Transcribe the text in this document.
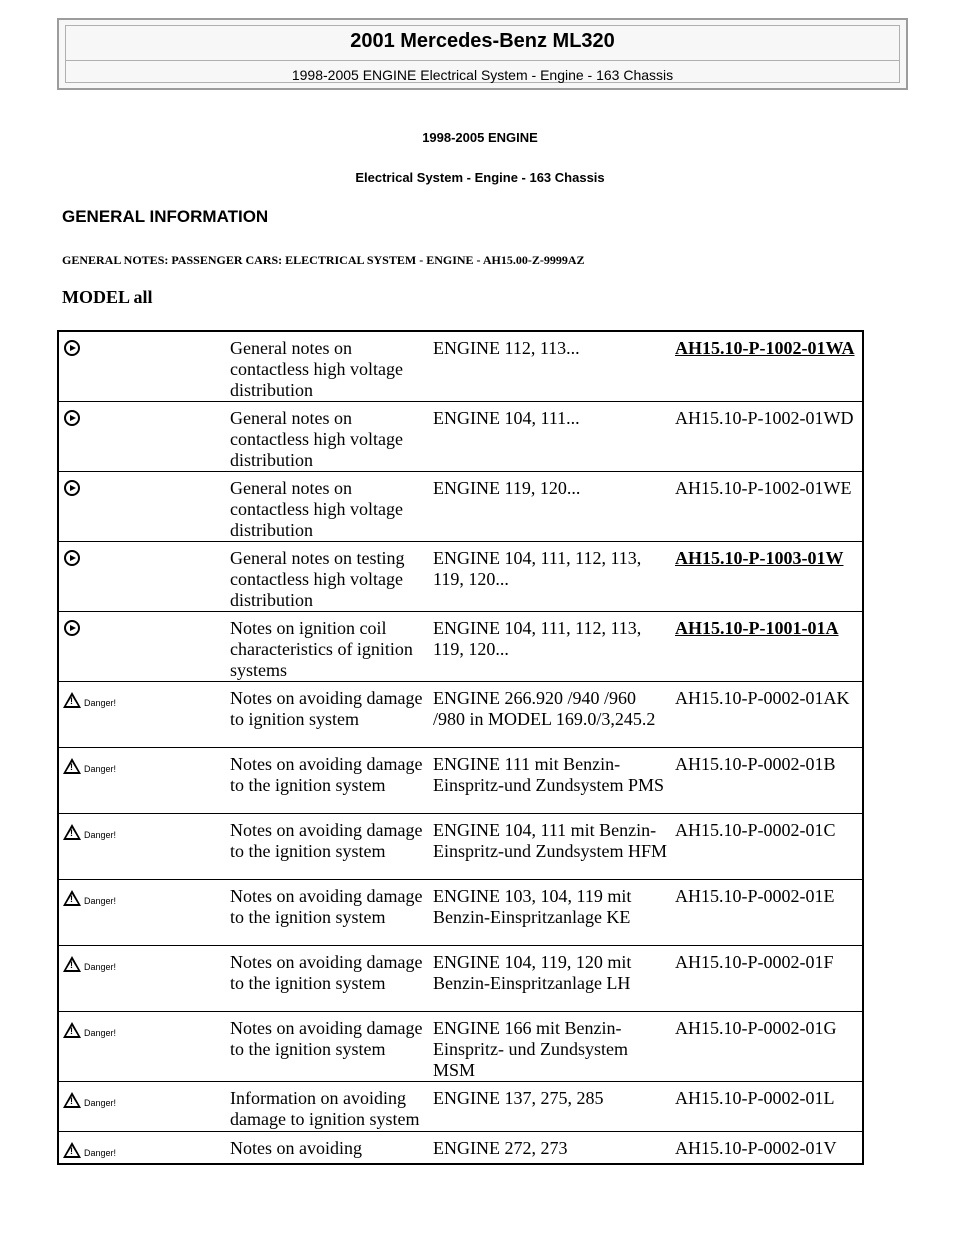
2001 Mercedes-Benz ML320
1998-2005 ENGINE Electrical System - Engine - 163 Chassis
1998-2005 ENGINE
Electrical System - Engine - 163 Chassis
GENERAL INFORMATION
GENERAL NOTES: PASSENGER CARS: ELECTRICAL SYSTEM - ENGINE - AH15.00-Z-9999AZ
MODEL all
	General notes on contactless high voltage distribution	ENGINE 112, 113...	AH15.10-P-1002-01WA
	General notes on contactless high voltage distribution	ENGINE 104, 111...	AH15.10-P-1002-01WD
	General notes on contactless high voltage distribution	ENGINE 119, 120...	AH15.10-P-1002-01WE
	General notes on testing contactless high voltage distribution	ENGINE 104, 111, 112, 113, 119, 120...	AH15.10-P-1003-01W
	Notes on ignition coil characteristics of ignition systems	ENGINE 104, 111, 112, 113, 119, 120...	AH15.10-P-1001-01A

!
Danger!	Notes on avoiding damage to ignition system	ENGINE 266.920 /940 /960 /980 in MODEL 169.0/3,245.2	AH15.10-P-0002-01AK

!
Danger!	Notes on avoiding damage to the ignition system	ENGINE 111 mit Benzin-Einspritz-und Zundsystem PMS	AH15.10-P-0002-01B

!
Danger!	Notes on avoiding damage to the ignition system	ENGINE 104, 111 mit Benzin-Einspritz-und Zundsystem HFM	AH15.10-P-0002-01C

!
Danger!	Notes on avoiding damage to the ignition system	ENGINE 103, 104, 119 mit Benzin-Einspritzanlage KE	AH15.10-P-0002-01E

!
Danger!	Notes on avoiding damage to the ignition system	ENGINE 104, 119, 120 mit Benzin-Einspritzanlage LH	AH15.10-P-0002-01F

!
Danger!	Notes on avoiding damage to the ignition system	ENGINE 166 mit Benzin-Einspritz- und Zundsystem MSM	AH15.10-P-0002-01G

!
Danger!	Information on avoiding damage to ignition system	ENGINE 137, 275, 285	AH15.10-P-0002-01L

!
Danger!	Notes on avoiding	ENGINE 272, 273	AH15.10-P-0002-01V
